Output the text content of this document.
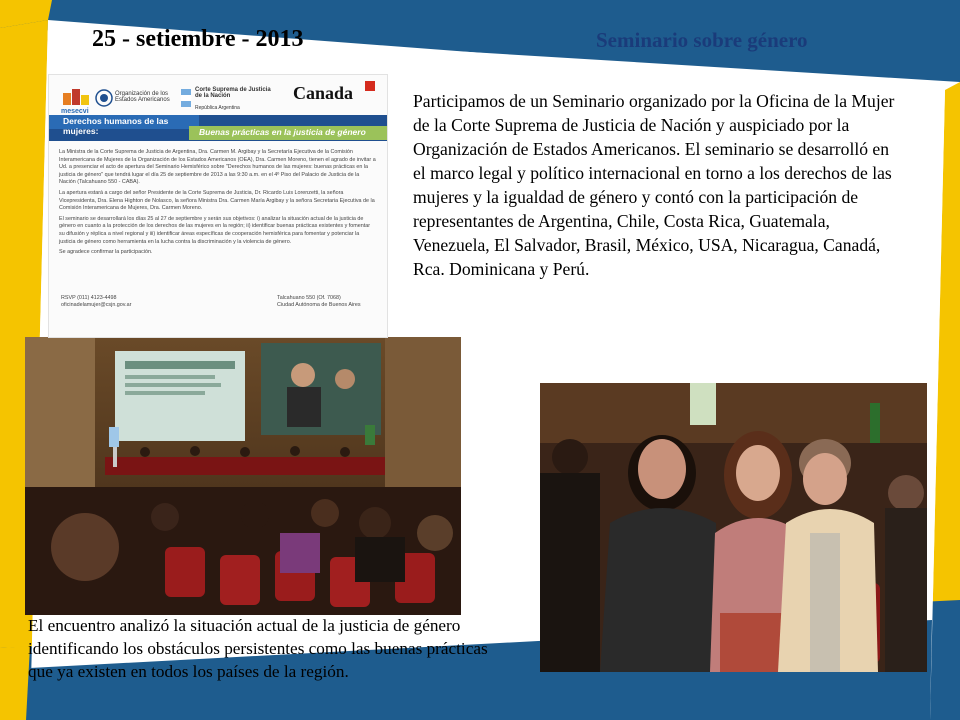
25 - setiembre - 2013	Seminario sobre género
mesecvi
Organización de los Estados Americanos
Corte Suprema de Justicia de la Nación
República Argentina
Canada
Derechos humanos de las mujeres:	Buenas prácticas en la justicia de género

La Ministra de la Corte Suprema de Justicia de Argentina, Dra. Carmen M. Argibay y la Secretaría Ejecutiva de la Comisión Interamericana de Mujeres de la Organización de los Estados Americanos (OEA), Dra. Carmen Moreno, tienen el agrado de invitar a Ud. a presenciar el acto de apertura del Seminario Hemisférico sobre "Derechos humanos de las mujeres: buenas prácticas en la justicia de género" que tendrá lugar el día 25 de septiembre de 2013 a las 9:30 a.m. en el 4º Piso del Palacio de Justicia de la Nación (Talcahuano 550 - CABA).

La apertura estará a cargo del señor Presidente de la Corte Suprema de Justicia, Dr. Ricardo Luis Lorenzetti, la señora Vicepresidenta, Dra. Elena Highton de Nolasco, la señora Ministra Dra. Carmen María Argibay y la señora Secretaria Ejecutiva de la Comisión Interamericana de Mujeres, Dra. Carmen Moreno.

El seminario se desarrollará los días 25 al 27 de septiembre y serán sus objetivos: i) analizar la situación actual de la justicia de género en cuanto a la protección de los derechos de las mujeres en la región; ii) identificar buenas prácticas existentes y fomentar su difusión y réplica a nivel regional y iii) identificar áreas específicas de cooperación hemisférica para fomentar y potenciar la justicia de género como herramienta en la lucha contra la discriminación y la violencia de género.

Se agradece confirmar la participación.

RSVP (011) 4123-4498
oficinadelamujer@csjn.gov.ar
Talcahuano 550 (Of. 7068)
Ciudad Autónoma de Buenos Aires
Participamos de un Seminario organizado por la Oficina de la Mujer de la Corte Suprema de Justicia de Nación y auspiciado por la Organización de Estados Americanos. El seminario se desarrolló en el marco legal y político internacional en torno a los derechos de las mujeres y la igualdad de género y contó con la participación de representantes de Argentina, Chile, Costa Rica, Guatemala, Venezuela, El Salvador, Brasil, México, USA, Nicaragua, Canadá, Rca. Dominicana y Perú.
El encuentro analizó la situación actual de la justicia de género identificando los obstáculos persistentes como las buenas prácticas que ya existen en todos los países de la región.
